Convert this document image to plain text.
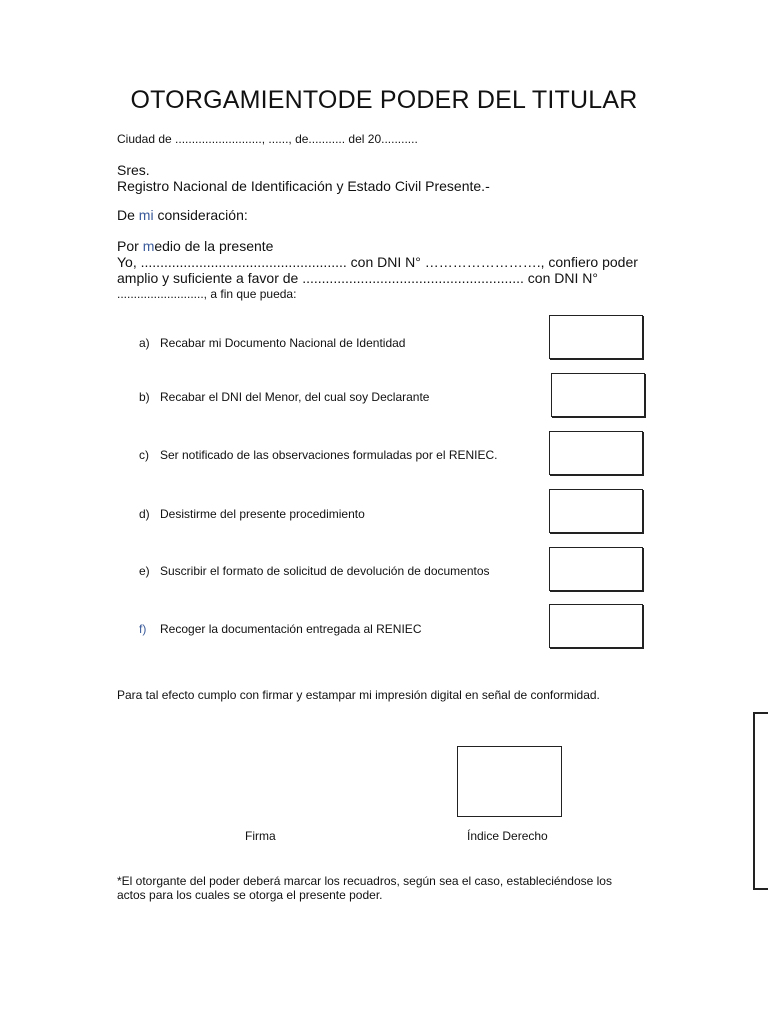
OTORGAMIENTODE PODER DEL TITULAR
Ciudad de .........................., ......, de........... del 20...........
Sres.
Registro Nacional de Identificación y Estado Civil Presente.-
De mi consideración:
Por medio de la presente
Yo, ..................................................... con DNI N° ……………………., confiero poder
amplio y suficiente a favor de ......................................................... con DNI N°
.........................., a fin que pueda:
a) Recabar mi Documento Nacional de Identidad
b) Recabar el DNI del Menor, del cual soy Declarante
c) Ser notificado de las observaciones formuladas por el RENIEC.
d) Desistirme del presente procedimiento
e) Suscribir el formato de solicitud de devolución de documentos
f) Recoger la documentación entregada al RENIEC
Para tal efecto cumplo con firmar y estampar mi impresión digital en señal de conformidad.
Firma	Índice Derecho
*El otorgante del poder deberá marcar los recuadros, según sea el caso, estableciéndose los
actos para los cuales se otorga el presente poder.
